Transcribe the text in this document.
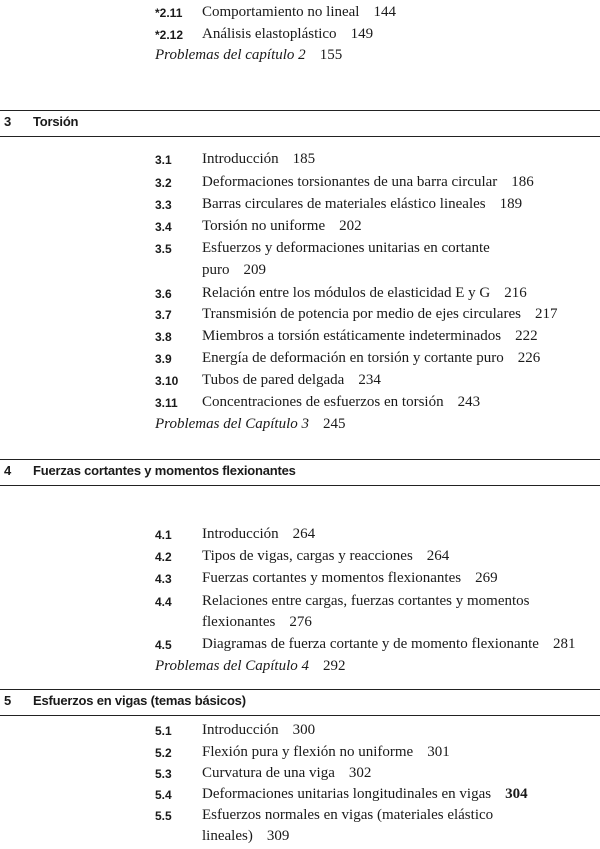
*2.11	Comportamiento no lineal 144
*2.12	Análisis elastoplástico 149
Problemas del capítulo 2 155
3	Torsión
3.1	Introducción 185
3.2	Deformaciones torsionantes de una barra circular 186
3.3	Barras circulares de materiales elástico lineales 189
3.4	Torsión no uniforme 202
3.5	Esfuerzos y deformaciones unitarias en cortante
puro 209
3.6	Relación entre los módulos de elasticidad E y G 216
3.7	Transmisión de potencia por medio de ejes circulares 217
3.8	Miembros a torsión estáticamente indeterminados 222
3.9	Energía de deformación en torsión y cortante puro 226
3.10	Tubos de pared delgada 234
3.11	Concentraciones de esfuerzos en torsión 243
Problemas del Capítulo 3 245
4	Fuerzas cortantes y momentos flexionantes
4.1	Introducción 264
4.2	Tipos de vigas, cargas y reacciones 264
4.3	Fuerzas cortantes y momentos flexionantes 269
4.4	Relaciones entre cargas, fuerzas cortantes y momentos
flexionantes 276
4.5	Diagramas de fuerza cortante y de momento flexionante 281
Problemas del Capítulo 4 292
5	Esfuerzos en vigas (temas básicos)
5.1	Introducción 300
5.2	Flexión pura y flexión no uniforme 301
5.3	Curvatura de una viga 302
5.4	Deformaciones unitarias longitudinales en vigas 304
5.5	Esfuerzos normales en vigas (materiales elástico
lineales) 309
